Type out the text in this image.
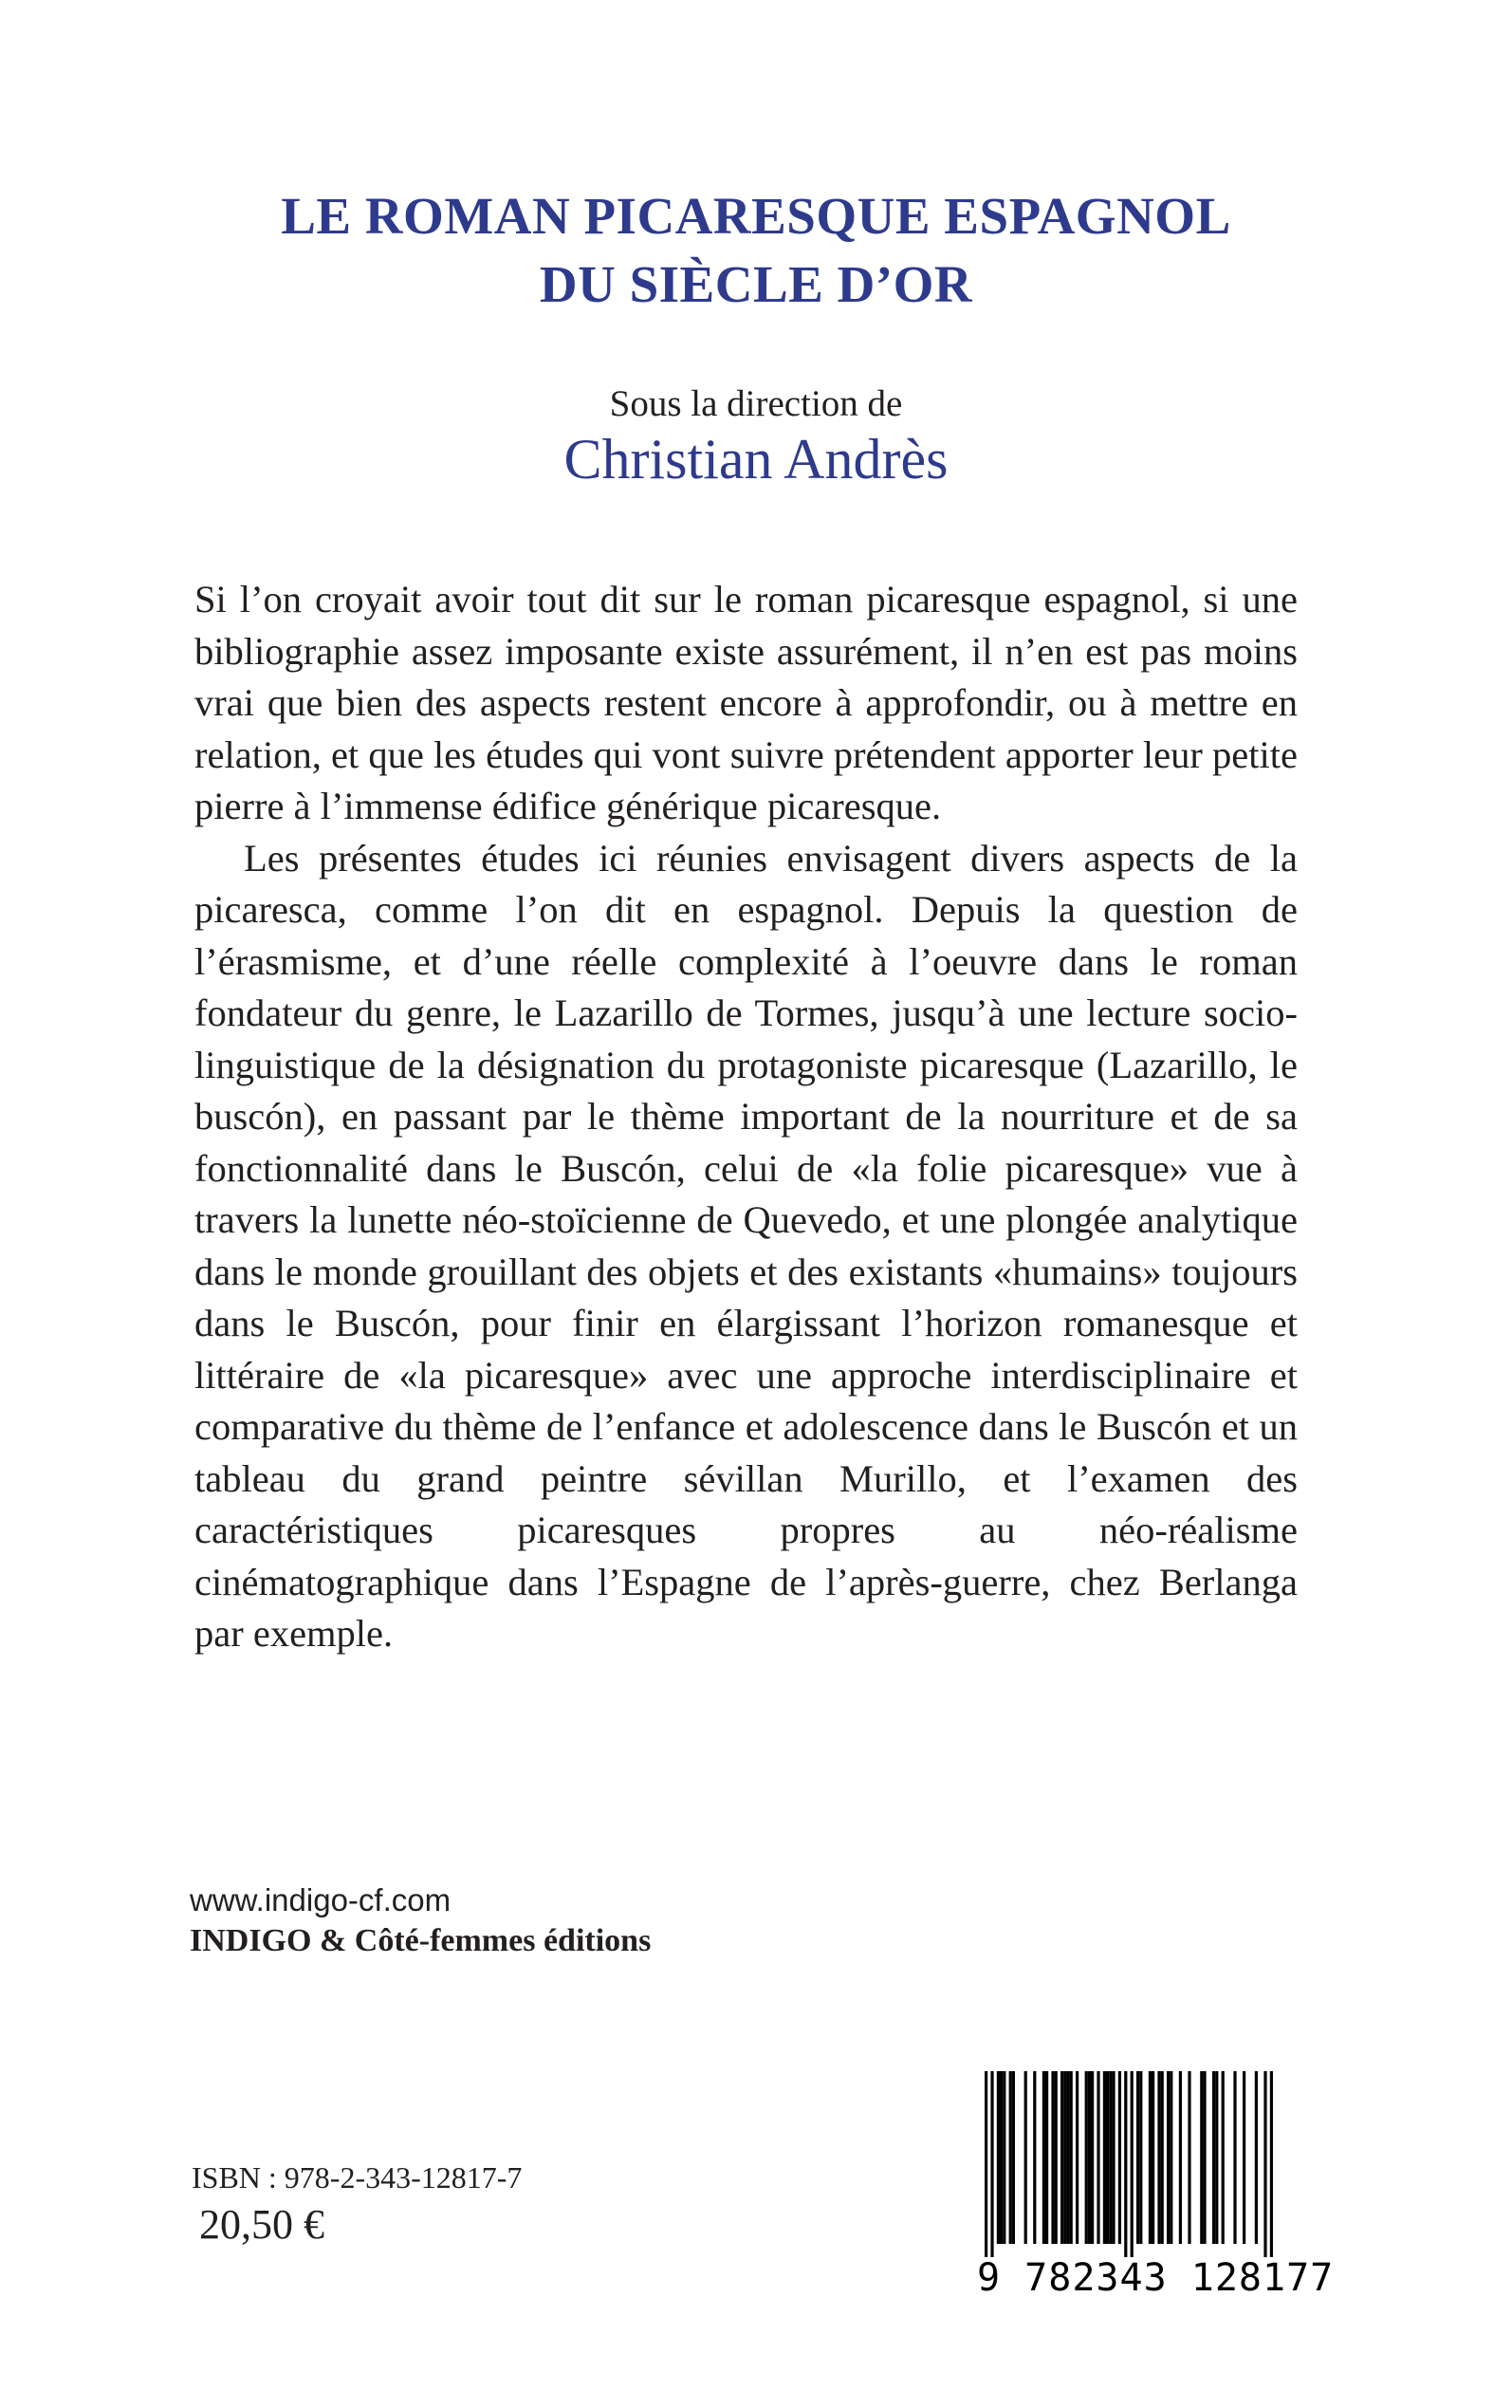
LE ROMAN PICARESQUE ESPAGNOL
DU SIÈCLE D’OR
Sous la direction de
Christian Andrès

Si l’on croyait avoir tout dit sur le roman picaresque espagnol, si une bibliographie assez imposante existe assurément, il n’en est pas moins vrai que bien des aspects restent encore à approfondir, ou à mettre en relation, et que les études qui vont suivre prétendent apporter leur petite pierre à l’immense édifice générique picaresque.

Les présentes études ici réunies envisagent divers aspects de la picaresca, comme l’on dit en espagnol. Depuis la question de l’érasmisme, et d’une réelle complexité à l’oeuvre dans le roman fondateur du genre, le Lazarillo de Tormes, jusqu’à une lecture socio-linguistique de la désignation du protagoniste picaresque (Lazarillo, le buscón), en passant par le thème important de la nourriture et de sa fonctionnalité dans le Buscón, celui de «la folie picaresque» vue à travers la lunette néo-stoïcienne de Quevedo, et une plongée analytique dans le monde grouillant des objets et des existants «humains» toujours dans le Buscón, pour finir en élargissant l’horizon romanesque et littéraire de «la picaresque» avec une approche interdisciplinaire et comparative du thème de l’enfance et adolescence dans le Buscón et un tableau du grand peintre sévillan Murillo, et l’examen des caractéristiques picaresques propres au néo-réalisme cinématographique dans l’Espagne de l’après-guerre, chez Berlanga par exemple.

www.indigo-cf.com
INDIGO & Côté-femmes éditions
ISBN : 978-2-343-12817-7
20,50 €
9 782343 128177
